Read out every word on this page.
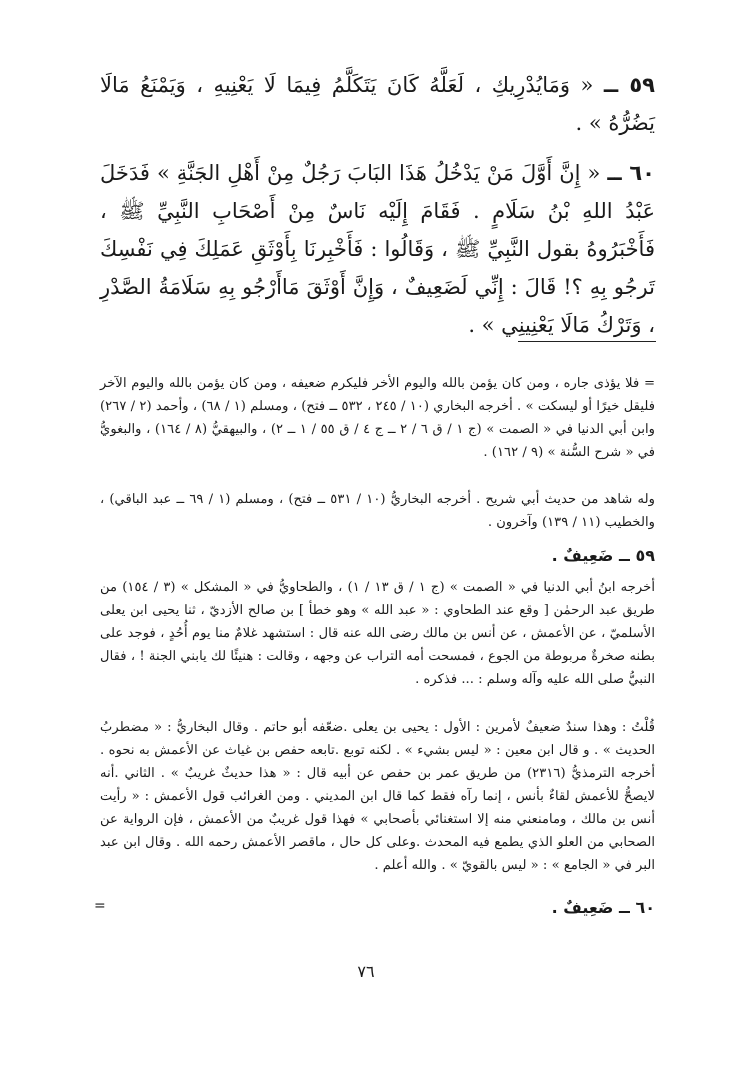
٥٩ ــ « وَمَايُدْرِيكِ ، لَعَلَّهُ كَانَ يَتَكَلَّمُ فِيمَا لَا يَعْنِيهِ ، وَيَمْنَعُ مَالَا يَضُرُّهُ » .

٦٠ ــ « إِنَّ أَوَّلَ مَنْ يَدْخُلُ هَذَا البَابَ رَجُلٌ مِنْ أَهْلِ الجَنَّةِ » فَدَخَلَ عَبْدُ اللهِ بْنُ سَلَامٍ . فَقَامَ إِلَيْه نَاسٌ مِنْ أَصْحَابِ النَّبِيِّ ﷺ ، فَأَخْبَرُوهُ بقول النَّبِيِّ ﷺ ، وَقَالُوا : فَأَخْبِرنَا بِأَوْثَقِ عَمَلِكَ فِي نَفْسِكَ تَرجُو بِهِ ؟! قَالَ : إِنِّي لَضَعِيفٌ ، وَإِنَّ أَوْثَقَ مَاأَرْجُو بِهِ سَلَامَةُ الصَّدْرِ ، وَتَرْكُ مَالَا يَعْنِينِي » .

= فلا يؤذى جاره ، ومن كان يؤمن بالله واليوم الأخر فليكرم ضعيفه ، ومن كان يؤمن بالله واليوم الآخر فليقل خيرًا أو ليسكت » . أخرجه البخاري (١٠ / ٢٤٥ ، ٥٣٢ ــ فتح) ، ومسلم (١ / ٦٨) ، وأحمد (٢ / ٢٦٧) وابن أبي الدنيا في « الصمت » (ج ١ / ق ٦ / ٢ ــ ج ٤ / ق ٥٥ / ١ ــ ٢) ، والبيهقيُّ (٨ / ١٦٤) ، والبغويُّ في « شرح السُّنة » (٩ / ١٦٢) .

وله شاهد من حديث أبي شريح . أخرجه البخاريُّ (١٠ / ٥٣١ ــ فتح) ، ومسلم (١ / ٦٩ ــ عبد الباقي) ، والخطيب (١١ / ١٣٩) وآخرون .

٥٩ ــ ضَعِيفٌ .

أخرجه ابنُ أبي الدنيا في « الصمت » (ج ١ / ق ١٣ / ١) ، والطحاويُّ في « المشكل » (٣ / ١٥٤) من طريق عبد الرحمٰن [ وقع عند الطحاوي : « عبد الله » وهو خطأ ] بن صالح الأزديّ ، ثنا يحيى ابن يعلى الأسلميّ ، عن الأعمش ، عن أنس بن مالك رضى الله عنه قال : استشهد غلامٌ منا يوم أُحُدٍ ، فوجد على بطنه صخرةٌ مربوطة من الجوع ، فمسحت أمه التراب عن وجهه ، وقالت : هنيئًا لك يابني الجنة ! ، فقال النبيُّ صلى الله عليه وآله وسلم : ... فذكره .

قُلْتُ : وهذا سندٌ ضعيفٌ لأمرين : الأول : يحيى بن يعلى .ضعّفه أبو حاتم . وقال البخاريُّ : « مضطربُ الحديث » . و قال ابن معين : « ليس بشيء » . لكنه توبع .تابعه حفص بن غياث عن الأعمش به نحوه . أخرجه الترمذيُّ (٢٣١٦) من طريق عمر بن حفص عن أبيه قال : « هذا حديثٌ غريبٌ » . الثاني .أنه لايصحُّ للأعمش لقاءٌ بأنس ، إنما رآه فقط كما قال ابن المديني . ومن الغرائب قول الأعمش : « رأيت أنس بن مالك ، ومامنعني منه إلا استغنائي بأصحابي » فهذا قول غريبٌ من الأعمش ، فإن الرواية عن الصحابي من العلو الذي يطمع فيه المحدث .وعلى كل حال ، ماقصر الأعمش رحمه الله . وقال ابن عبد البر في « الجامع » : « ليس بالقويّ » . والله أعلم .

٦٠ ــ ضَعِيفٌ .
=
٧٦
